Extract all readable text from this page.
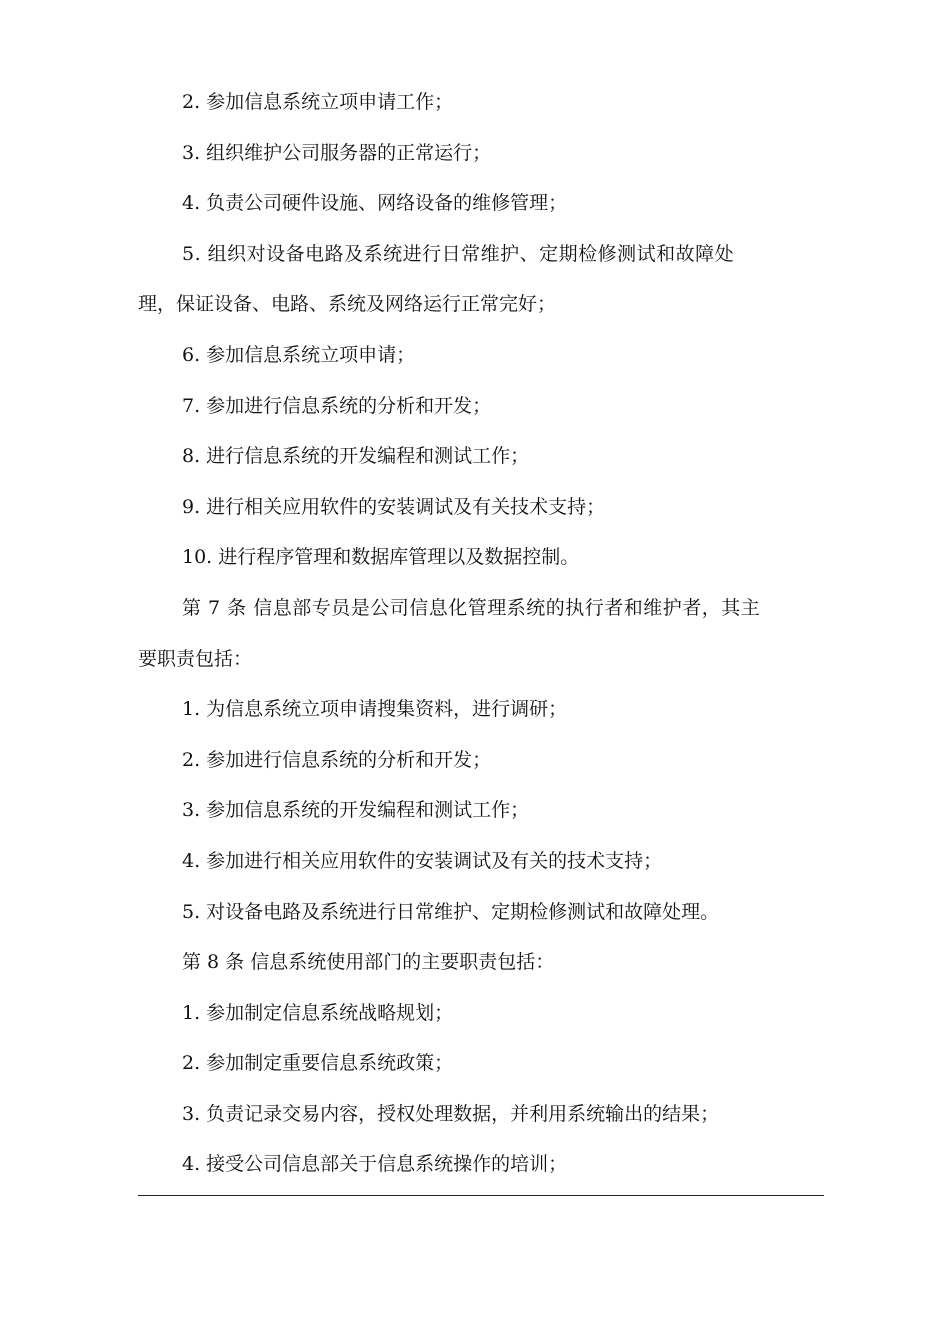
2. 参加信息系统立项申请工作；
3. 组织维护公司服务器的正常运行；
4. 负责公司硬件设施、网络设备的维修管理；
5. 组织对设备电路及系统进行日常维护、定期检修测试和故障处
理，保证设备、电路、系统及网络运行正常完好；
6. 参加信息系统立项申请；
7. 参加进行信息系统的分析和开发；
8. 进行信息系统的开发编程和测试工作；
9. 进行相关应用软件的安装调试及有关技术支持；
10. 进行程序管理和数据库管理以及数据控制。
第 7 条 信息部专员是公司信息化管理系统的执行者和维护者，其主
要职责包括：
1. 为信息系统立项申请搜集资料，进行调研；
2. 参加进行信息系统的分析和开发；
3. 参加信息系统的开发编程和测试工作；
4. 参加进行相关应用软件的安装调试及有关的技术支持；
5. 对设备电路及系统进行日常维护、定期检修测试和故障处理。
第 8 条 信息系统使用部门的主要职责包括：
1. 参加制定信息系统战略规划；
2. 参加制定重要信息系统政策；
3. 负责记录交易内容，授权处理数据，并利用系统输出的结果；
4. 接受公司信息部关于信息系统操作的培训；
